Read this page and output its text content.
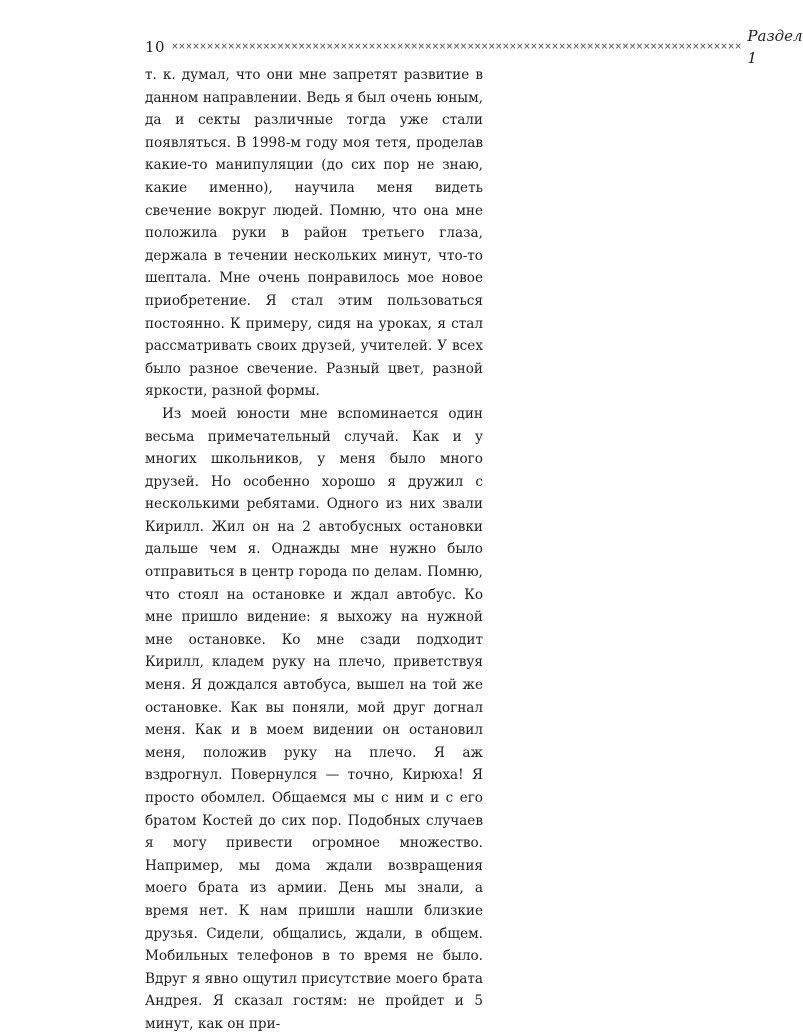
10 ×××××××××××××××××××××××××××××××××××××××××××××××××××××××××××××××××××××××××××××××××
Раздел 1

т. к. думал, что они мне запретят развитие в данном направлении. Ведь я был очень юным, да и секты различные тогда уже стали появляться. В 1998-м году моя тетя, проделав какие-то манипуляции (до сих пор не знаю, какие именно), научила меня видеть свечение вокруг людей. Помню, что она мне положила руки в район третьего глаза, держала в течении нескольких минут, что-то шептала. Мне очень понравилось мое новое приобретение. Я стал этим пользоваться постоянно. К примеру, сидя на уроках, я стал рассматривать своих друзей, учителей. У всех было разное свечение. Разный цвет, разной яркости, разной формы.

Из моей юности мне вспоминается один весьма примечательный случай. Как и у многих школьников, у меня было много друзей. Но особенно хорошо я дружил с несколькими ребятами. Одного из них звали Кирилл. Жил он на 2 автобусных остановки дальше чем я. Однажды мне нужно было отправиться в центр города по делам. Помню, что стоял на остановке и ждал автобус. Ко мне пришло видение: я выхожу на нужной мне остановке. Ко мне сзади подходит Кирилл, кладем руку на плечо, приветствуя меня. Я дождался автобуса, вышел на той же остановке. Как вы поняли, мой друг догнал меня. Как и в моем видении он остановил меня, положив руку на плечо. Я аж вздрогнул. Повернулся — точно, Кирюха! Я просто обомлел. Общаемся мы с ним и с его братом Костей до сих пор. Подобных случаев я могу привести огромное множество. Например, мы дома ждали возвращения моего брата из армии. День мы знали, а время нет. К нам пришли нашли близкие друзья. Сидели, общались, ждали, в общем. Мобильных телефонов в то время не было. Вдруг я явно ощутил присутствие моего брата Андрея. Я сказал гостям: не пройдет и 5 минут, как он при-
